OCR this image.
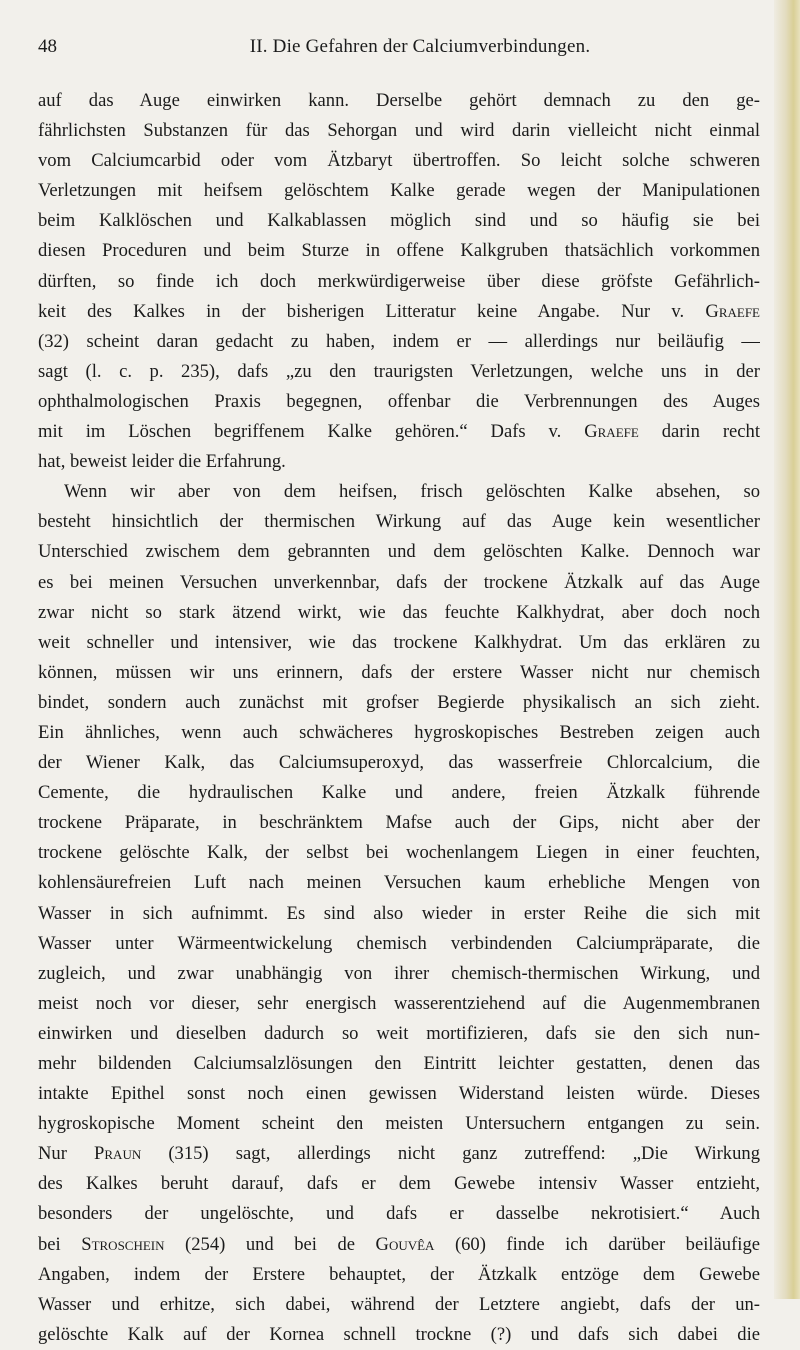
48	II. Die Gefahren der Calciumverbindungen.
auf das Auge einwirken kann. Derselbe gehört demnach zu den ge-
fährlichsten Substanzen für das Sehorgan und wird darin vielleicht nicht einmal
vom Calciumcarbid oder vom Ätzbaryt übertroffen. So leicht solche schweren
Verletzungen mit heifsem gelöschtem Kalke gerade wegen der Manipulationen
beim Kalklöschen und Kalkablassen möglich sind und so häufig sie bei
diesen Proceduren und beim Sturze in offene Kalkgruben thatsächlich vorkommen
dürften, so finde ich doch merkwürdigerweise über diese gröfste Gefährlich-
keit des Kalkes in der bisherigen Litteratur keine Angabe. Nur v. Graefe
(32) scheint daran gedacht zu haben, indem er — allerdings nur beiläufig —
sagt (l. c. p. 235), dafs „zu den traurigsten Verletzungen, welche uns in der
ophthalmologischen Praxis begegnen, offenbar die Verbrennungen des Auges
mit im Löschen begriffenem Kalke gehören.“ Dafs v. Graefe darin recht
hat, beweist leider die Erfahrung.
Wenn wir aber von dem heifsen, frisch gelöschten Kalke absehen, so
besteht hinsichtlich der thermischen Wirkung auf das Auge kein wesentlicher
Unterschied zwischem dem gebrannten und dem gelöschten Kalke. Dennoch war
es bei meinen Versuchen unverkennbar, dafs der trockene Ätzkalk auf das Auge
zwar nicht so stark ätzend wirkt, wie das feuchte Kalkhydrat, aber doch noch
weit schneller und intensiver, wie das trockene Kalkhydrat. Um das erklären zu
können, müssen wir uns erinnern, dafs der erstere Wasser nicht nur chemisch
bindet, sondern auch zunächst mit grofser Begierde physikalisch an sich zieht.
Ein ähnliches, wenn auch schwächeres hygroskopisches Bestreben zeigen auch
der Wiener Kalk, das Calciumsuperoxyd, das wasserfreie Chlorcalcium, die
Cemente, die hydraulischen Kalke und andere, freien Ätzkalk führende
trockene Präparate, in beschränktem Mafse auch der Gips, nicht aber der
trockene gelöschte Kalk, der selbst bei wochenlangem Liegen in einer feuchten,
kohlensäurefreien Luft nach meinen Versuchen kaum erhebliche Mengen von
Wasser in sich aufnimmt. Es sind also wieder in erster Reihe die sich mit
Wasser unter Wärmeentwickelung chemisch verbindenden Calciumpräparate, die
zugleich, und zwar unabhängig von ihrer chemisch-thermischen Wirkung, und
meist noch vor dieser, sehr energisch wasserentziehend auf die Augenmembranen
einwirken und dieselben dadurch so weit mortifizieren, dafs sie den sich nun-
mehr bildenden Calciumsalzlösungen den Eintritt leichter gestatten, denen das
intakte Epithel sonst noch einen gewissen Widerstand leisten würde. Dieses
hygroskopische Moment scheint den meisten Untersuchern entgangen zu sein.
Nur Praun (315) sagt, allerdings nicht ganz zutreffend: „Die Wirkung
des Kalkes beruht darauf, dafs er dem Gewebe intensiv Wasser entzieht,
besonders der ungelöschte, und dafs er dasselbe nekrotisiert.“ Auch
bei Stroschein (254) und bei de Gouvêa (60) finde ich darüber beiläufige
Angaben, indem der Erstere behauptet, der Ätzkalk entzöge dem Gewebe
Wasser und erhitze, sich dabei, während der Letztere angiebt, dafs der un-
gelöschte Kalk auf der Kornea schnell trockne (?) und dafs sich dabei die
